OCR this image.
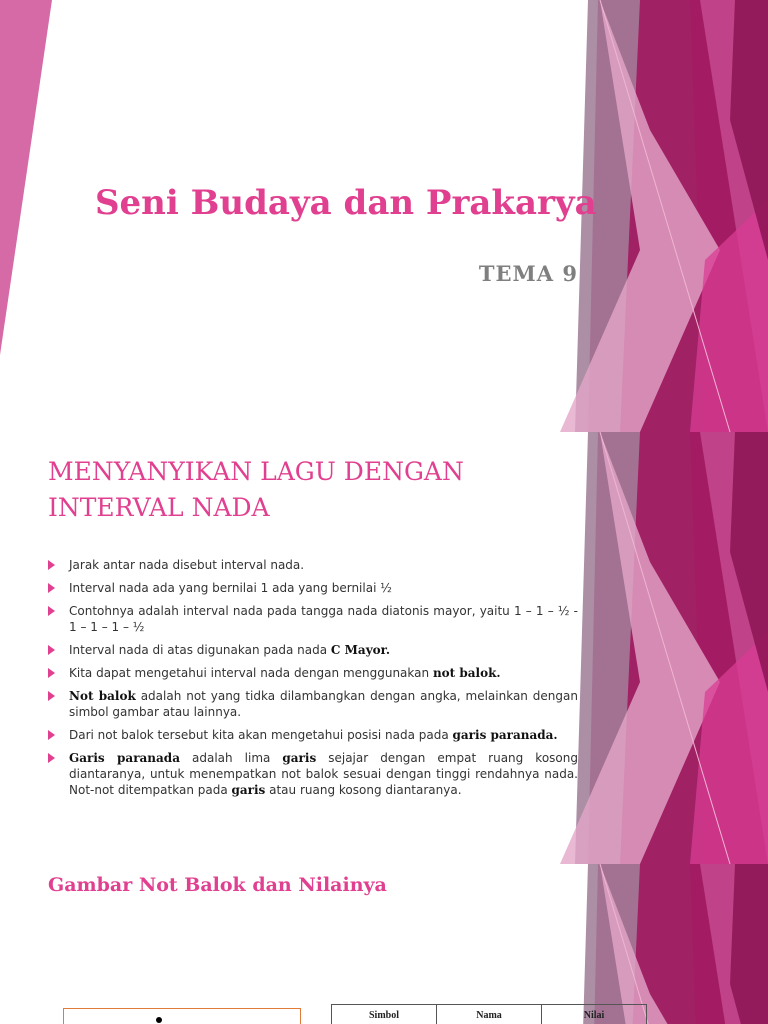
Seni Budaya dan Prakarya
TEMA 9
MENYANYIKAN LAGU DENGAN INTERVAL NADA
Jarak antar nada disebut interval nada.
Interval nada ada yang bernilai 1 ada yang bernilai ½
Contohnya adalah interval nada pada tangga nada diatonis mayor, yaitu 1 – 1 – ½ - 1 – 1 – 1 – ½
Interval nada di atas digunakan pada nada C Mayor.
Kita dapat mengetahui interval nada dengan menggunakan not balok.
Not balok adalah not yang tidka dilambangkan dengan angka, melainkan dengan simbol gambar atau lainnya.
Dari not balok tersebut kita akan mengetahui posisi nada pada garis paranada.
Garis paranada adalah lima garis sejajar dengan empat ruang kosong diantaranya, untuk menempatkan not balok sesuai dengan tinggi rendahnya nada. Not-not ditempatkan pada garis atau ruang kosong diantaranya.
Gambar Not Balok dan Nilainya
Simbol	Nama	Nilai
